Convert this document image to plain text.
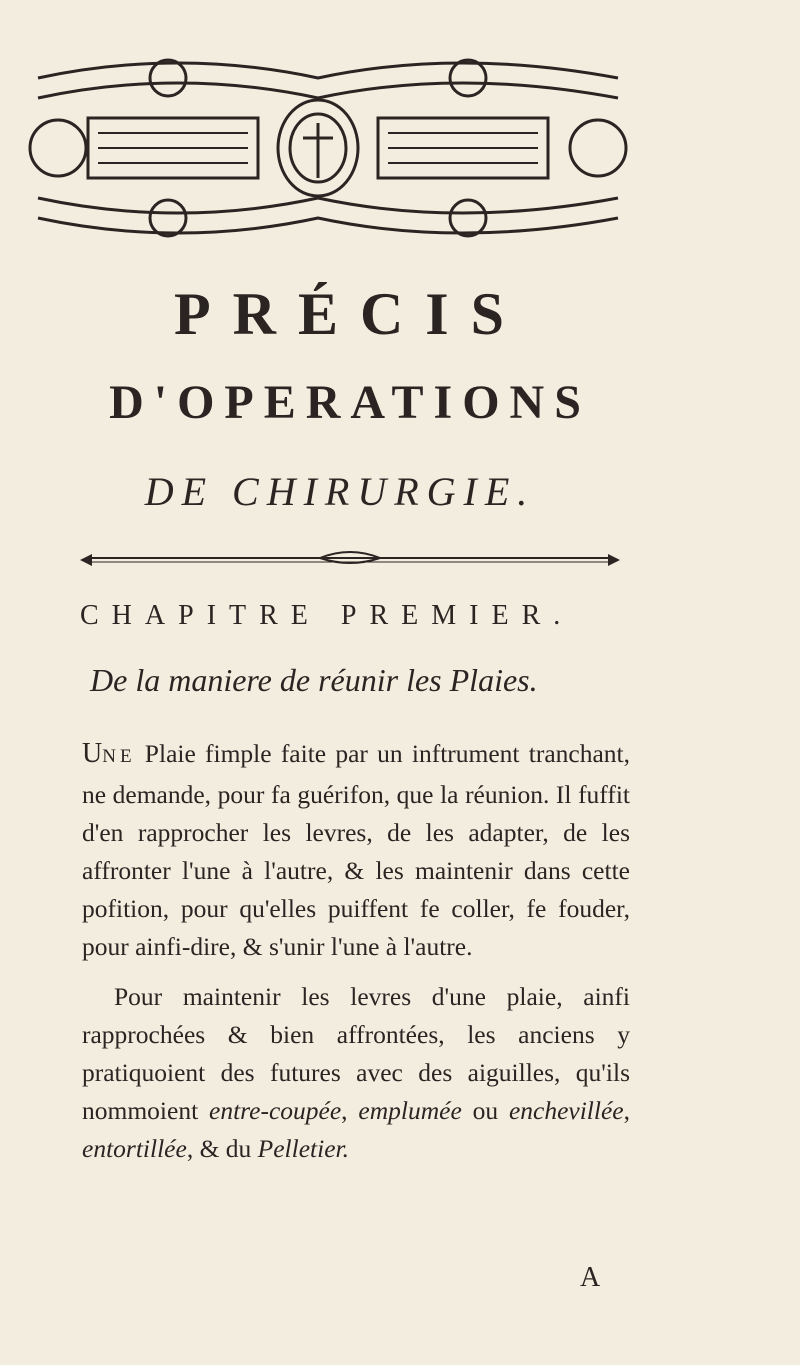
PRÉCIS
D'OPERATIONS
DE CHIRURGIE.
CHAPITRE PREMIER.
De la maniere de réunir les Plaies.

UNE Plaie fimple faite par un inftrument tranchant, ne demande, pour fa guérifon, que la réunion. Il fuffit d'en rapprocher les levres, de les adapter, de les affronter l'une à l'autre, & les maintenir dans cette pofition, pour qu'elles puiffent fe coller, fe fouder, pour ainfi-dire, & s'unir l'une à l'autre.

Pour maintenir les levres d'une plaie, ainfi rapprochées & bien affrontées, les anciens y pratiquoient des futures avec des aiguilles, qu'ils nommoient entre-coupée, emplumée ou enchevillée, entortillée, & du Pelletier.

A
